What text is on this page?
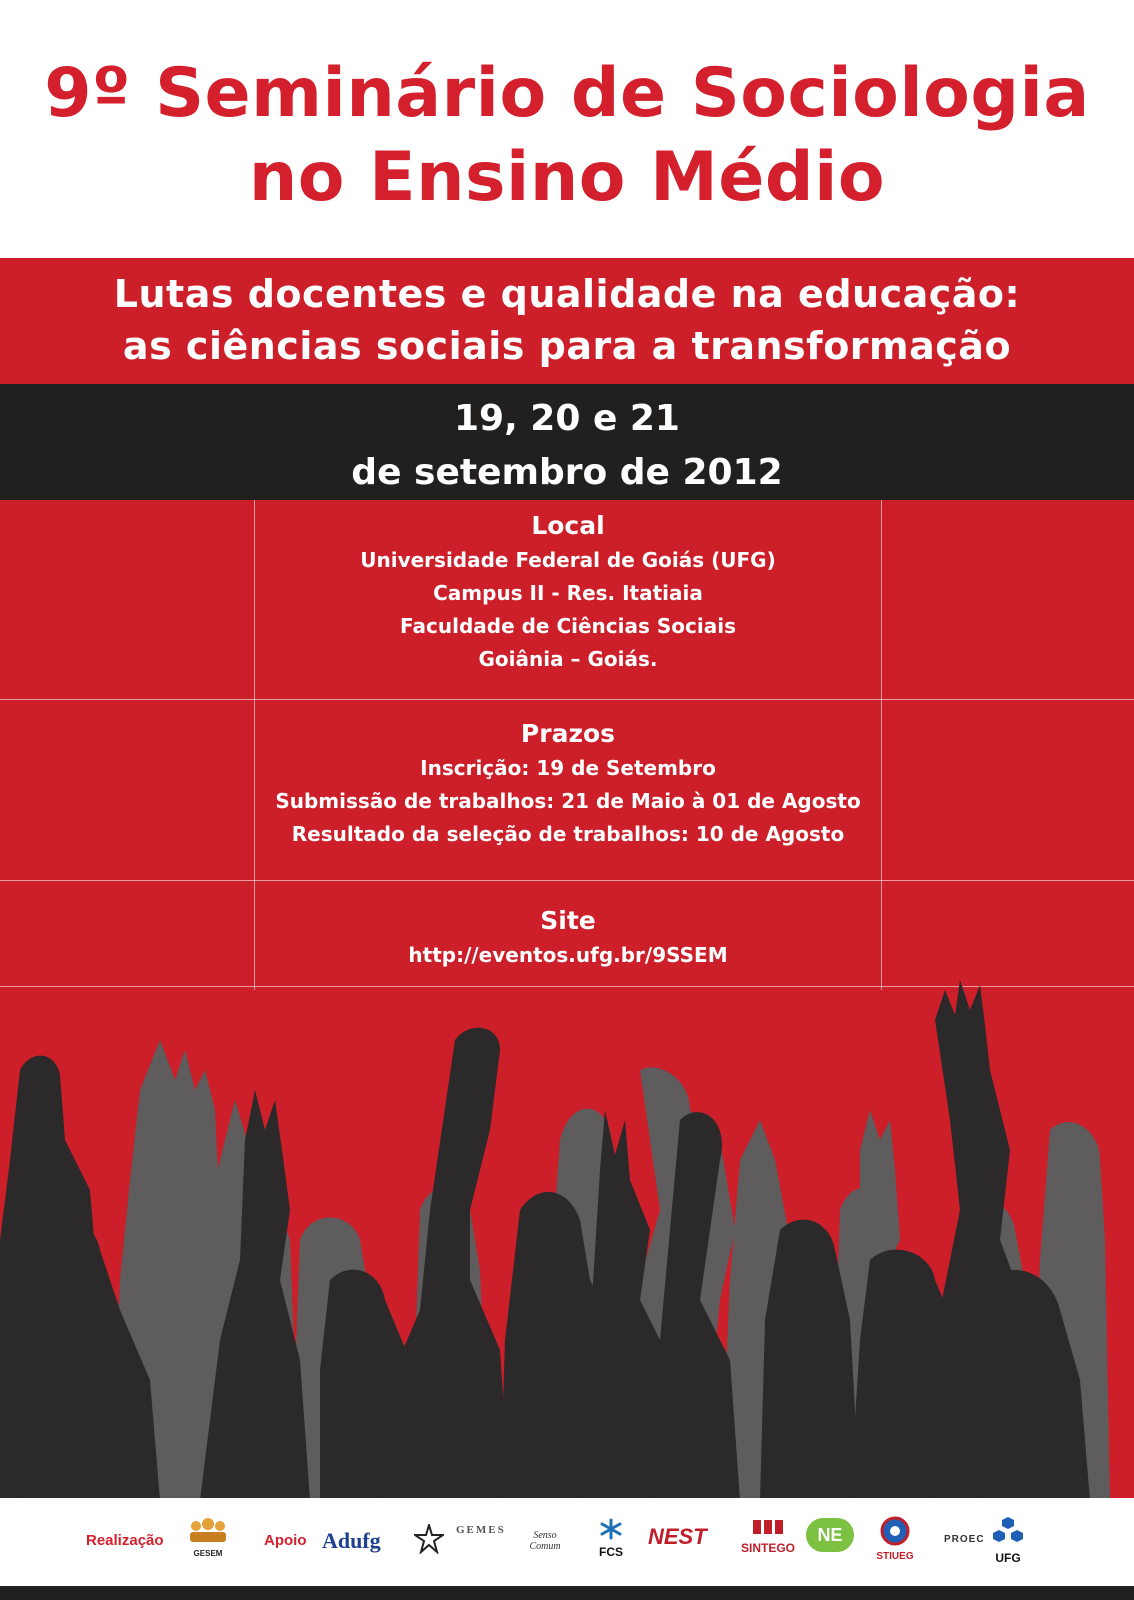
9º Seminário de Sociologia
no Ensino Médio
Lutas docentes e qualidade na educação:
as ciências sociais para a transformação
19, 20 e 21
de setembro de 2012
Local
Universidade Federal de Goiás (UFG)
Campus II - Res. Itatiaia
Faculdade de Ciências Sociais
Goiânia – Goiás.
Prazos
Inscrição: 19 de Setembro
Submissão de trabalhos: 21 de Maio à 01 de Agosto
Resultado da seleção de trabalhos: 10 de Agosto
Site
http://eventos.ufg.br/9SSEM
Realização
GESEM
Apoio Adufg	GEMES	Senso Comum	FCS
NEST	SINTEGO
NE
STIUEG
PROEC
UFG
